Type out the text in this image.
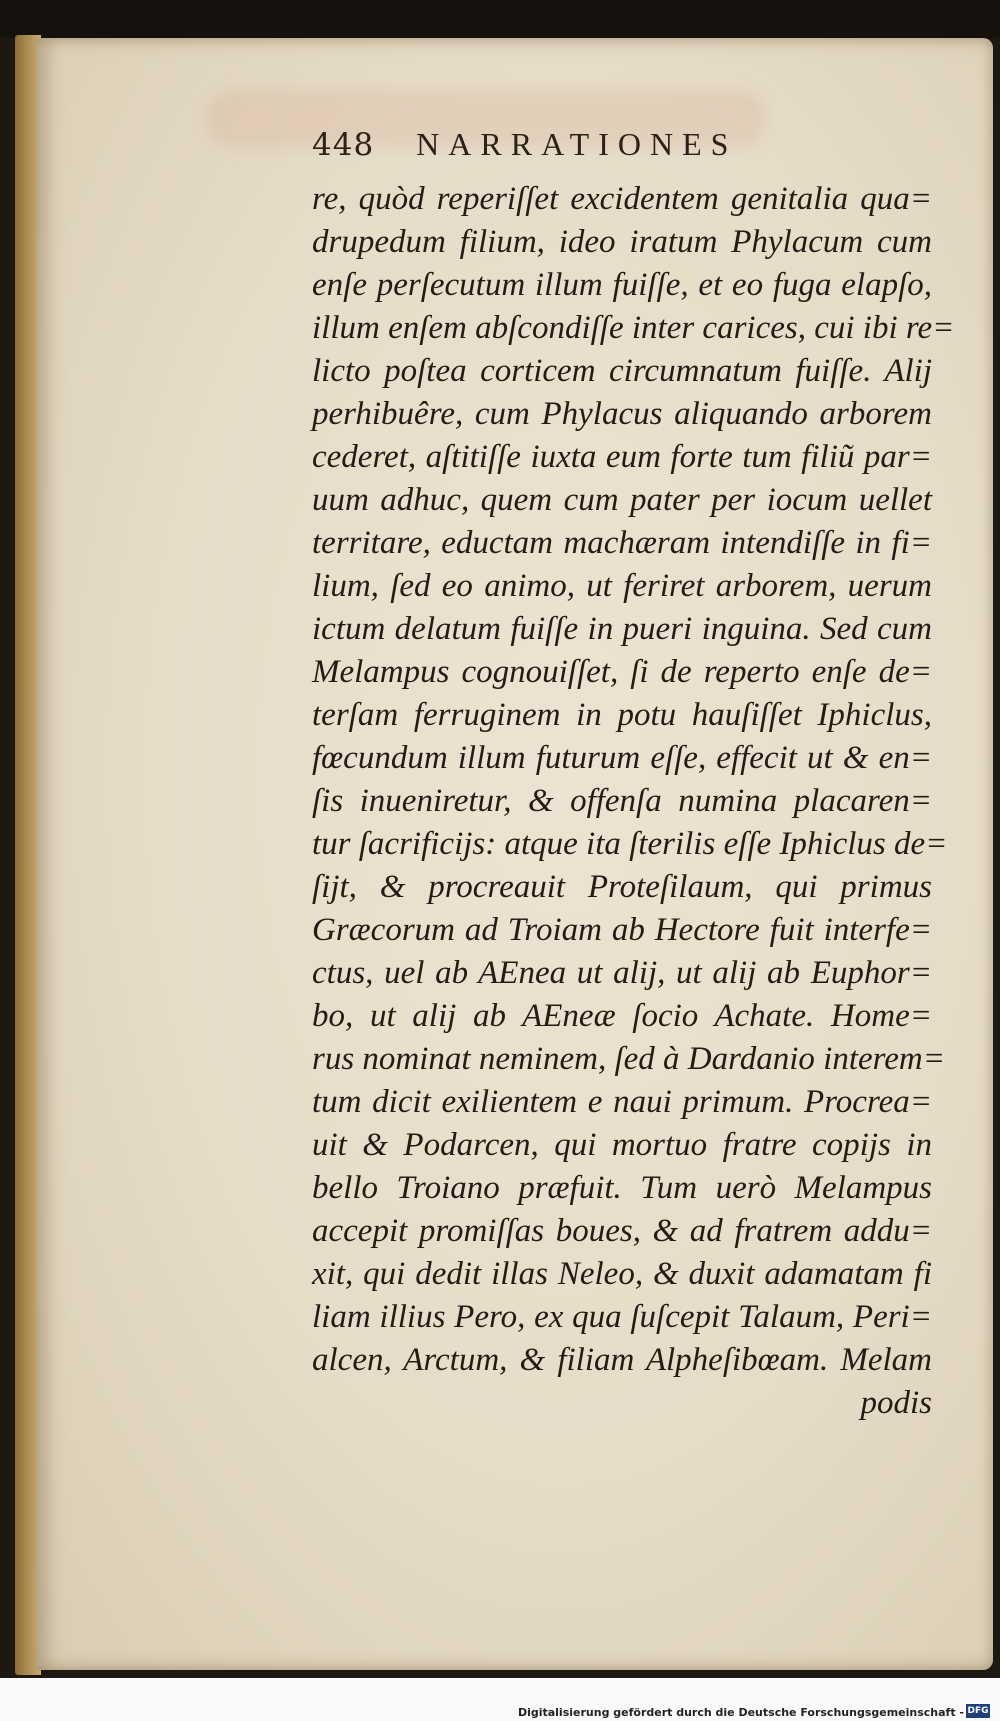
448 NARRATIONES
re, quòd reperiſſet excidentem genitalia qua=
drupedum filium, ideo iratum Phylacum cum
enſe perſecutum illum fuiſſe, et eo fuga elapſo,
illum enſem abſcondiſſe inter carices, cui ibi re=
licto poſtea corticem circumnatum fuiſſe. Alij
perhibuêre, cum Phylacus aliquando arborem
cederet, aſtitiſſe iuxta eum forte tum filiũ par=
uum adhuc, quem cum pater per iocum uellet
territare, eductam machæram intendiſſe in fi=
lium, ſed eo animo, ut feriret arborem, uerum
ictum delatum fuiſſe in pueri inguina. Sed cum
Melampus cognouiſſet, ſi de reperto enſe de=
terſam ferruginem in potu hauſiſſet Iphiclus,
fœcundum illum futurum eſſe, effecit ut & en=
ſis inueniretur, & offenſa numina placaren=
tur ſacrificijs: atque ita ſterilis eſſe Iphiclus de=
ſijt, & procreauit Proteſilaum, qui primus
Græcorum ad Troiam ab Hectore fuit interfe=
ctus, uel ab AEnea ut alij, ut alij ab Euphor=
bo, ut alij ab AEneæ ſocio Achate. Home=
rus nominat neminem, ſed à Dardanio interem=
tum dicit exilientem e naui primum. Procrea=
uit & Podarcen, qui mortuo fratre copijs in
bello Troiano præfuit. Tum uerò Melampus
accepit promiſſas boues, & ad fratrem addu=
xit, qui dedit illas Neleo, & duxit adamatam fi
liam illius Pero, ex qua ſuſcepit Talaum, Peri=
alcen, Arctum, & filiam Alpheſibœam. Melam
podis
Digitalisierung gefördert durch die Deutsche Forschungsgemeinschaft - DFG
